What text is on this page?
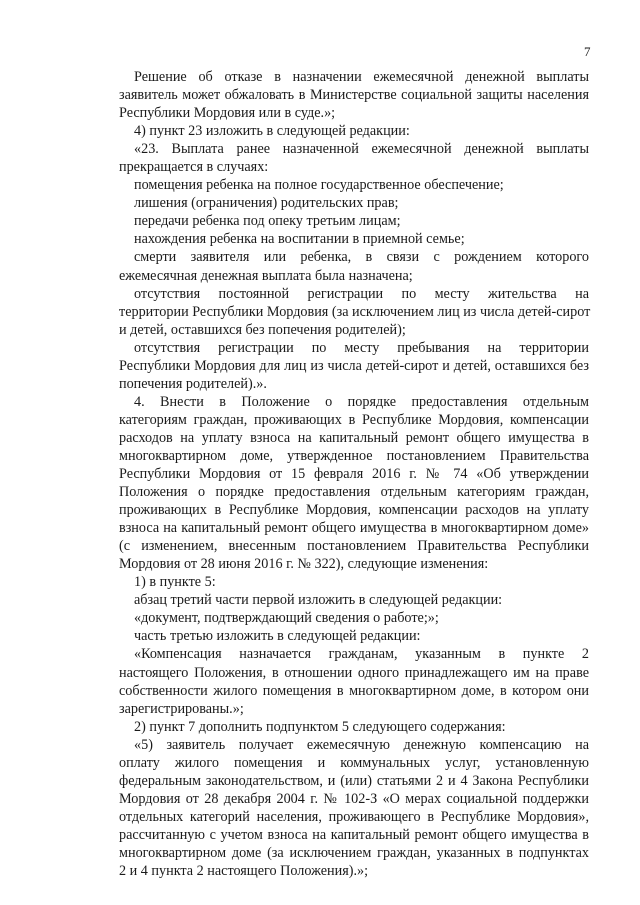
7
Решение об отказе в назначении ежемесячной денежной выплаты
заявитель может обжаловать в Министерстве социальной защиты населения
Республики Мордовия или в суде.»;
4) пункт 23 изложить в следующей редакции:
«23. Выплата ранее назначенной ежемесячной денежной выплаты
прекращается в случаях:
помещения ребенка на полное государственное обеспечение;
лишения (ограничения) родительских прав;
передачи ребенка под опеку третьим лицам;
нахождения ребенка на воспитании в приемной семье;
смерти заявителя или ребенка, в связи с рождением которого
ежемесячная денежная выплата была назначена;
отсутствия постоянной регистрации по месту жительства на
территории Республики Мордовия (за исключением лиц из числа детей-сирот
и детей, оставшихся без попечения родителей);
отсутствия регистрации по месту пребывания на территории
Республики Мордовия для лиц из числа детей-сирот и детей, оставшихся без
попечения родителей).».
4. Внести в Положение о порядке предоставления отдельным
категориям граждан, проживающих в Республике Мордовия, компенсации
расходов на уплату взноса на капитальный ремонт общего имущества в
многоквартирном доме, утвержденное постановлением Правительства
Республики Мордовия от 15 февраля 2016 г. № 74 «Об утверждении
Положения о порядке предоставления отдельным категориям граждан,
проживающих в Республике Мордовия, компенсации расходов на уплату
взноса на капитальный ремонт общего имущества в многоквартирном доме»
(с изменением, внесенным постановлением Правительства Республики
Мордовия от 28 июня 2016 г. № 322), следующие изменения:
1) в пункте 5:
абзац третий части первой изложить в следующей редакции:
«документ, подтверждающий сведения о работе;»;
часть третью изложить в следующей редакции:
«Компенсация назначается гражданам, указанным в пункте 2
настоящего Положения, в отношении одного принадлежащего им на праве
собственности жилого помещения в многоквартирном доме, в котором они
зарегистрированы.»;
2) пункт 7 дополнить подпунктом 5 следующего содержания:
«5) заявитель получает ежемесячную денежную компенсацию на
оплату жилого помещения и коммунальных услуг, установленную
федеральным законодательством, и (или) статьями 2 и 4 Закона Республики
Мордовия от 28 декабря 2004 г. № 102-З «О мерах социальной поддержки
отдельных категорий населения, проживающего в Республике Мордовия»,
рассчитанную с учетом взноса на капитальный ремонт общего имущества в
многоквартирном доме (за исключением граждан, указанных в подпунктах
2 и 4 пункта 2 настоящего Положения).»;
